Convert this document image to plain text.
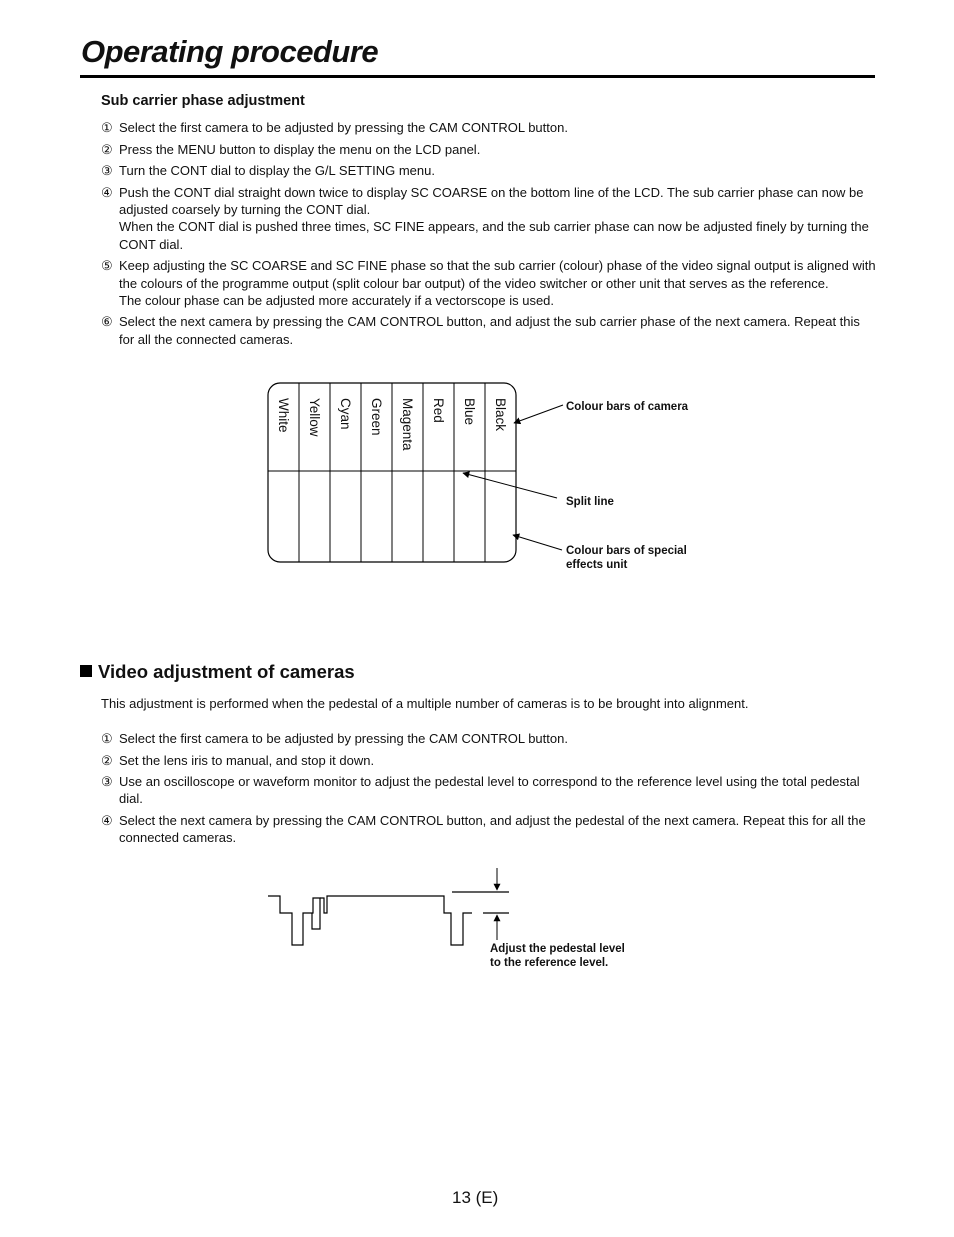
Operating procedure
Sub carrier phase adjustment
① Select the first camera to be adjusted by pressing the CAM CONTROL button.
② Press the MENU button to display the menu on the LCD panel.
③ Turn the CONT dial to display the G/L SETTING menu.
④ Push the CONT dial straight down twice to display SC COARSE on the bottom line of the LCD. The sub carrier phase can now be adjusted coarsely by turning the CONT dial.
When the CONT dial is pushed three times, SC FINE appears, and the sub carrier phase can now be adjusted finely by turning the CONT dial.
⑤ Keep adjusting the SC COARSE and SC FINE phase so that the sub carrier (colour) phase of the video signal output is aligned with the colours of the programme output (split colour bar output) of the video switcher or other unit that serves as the reference.
The colour phase can be adjusted more accurately if a vectorscope is used.
⑥ Select the next camera by pressing the CAM CONTROL button, and adjust the sub carrier phase of the next camera. Repeat this for all the connected cameras.
White Yellow Cyan Green Magenta Red Blue Black	Colour bars of camera
Split line
Colour bars of special
effects unit
Video adjustment of cameras
This adjustment is performed when the pedestal of a multiple number of cameras is to be brought into alignment.
① Select the first camera to be adjusted by pressing the CAM CONTROL button.
② Set the lens iris to manual, and stop it down.
③ Use an oscilloscope or waveform monitor to adjust the pedestal level to correspond to the reference level using the total pedestal dial.
④ Select the next camera by pressing the CAM CONTROL button, and adjust the pedestal of the next camera. Repeat this for all the connected cameras.
Adjust the pedestal level
to the reference level.
13 (E)
